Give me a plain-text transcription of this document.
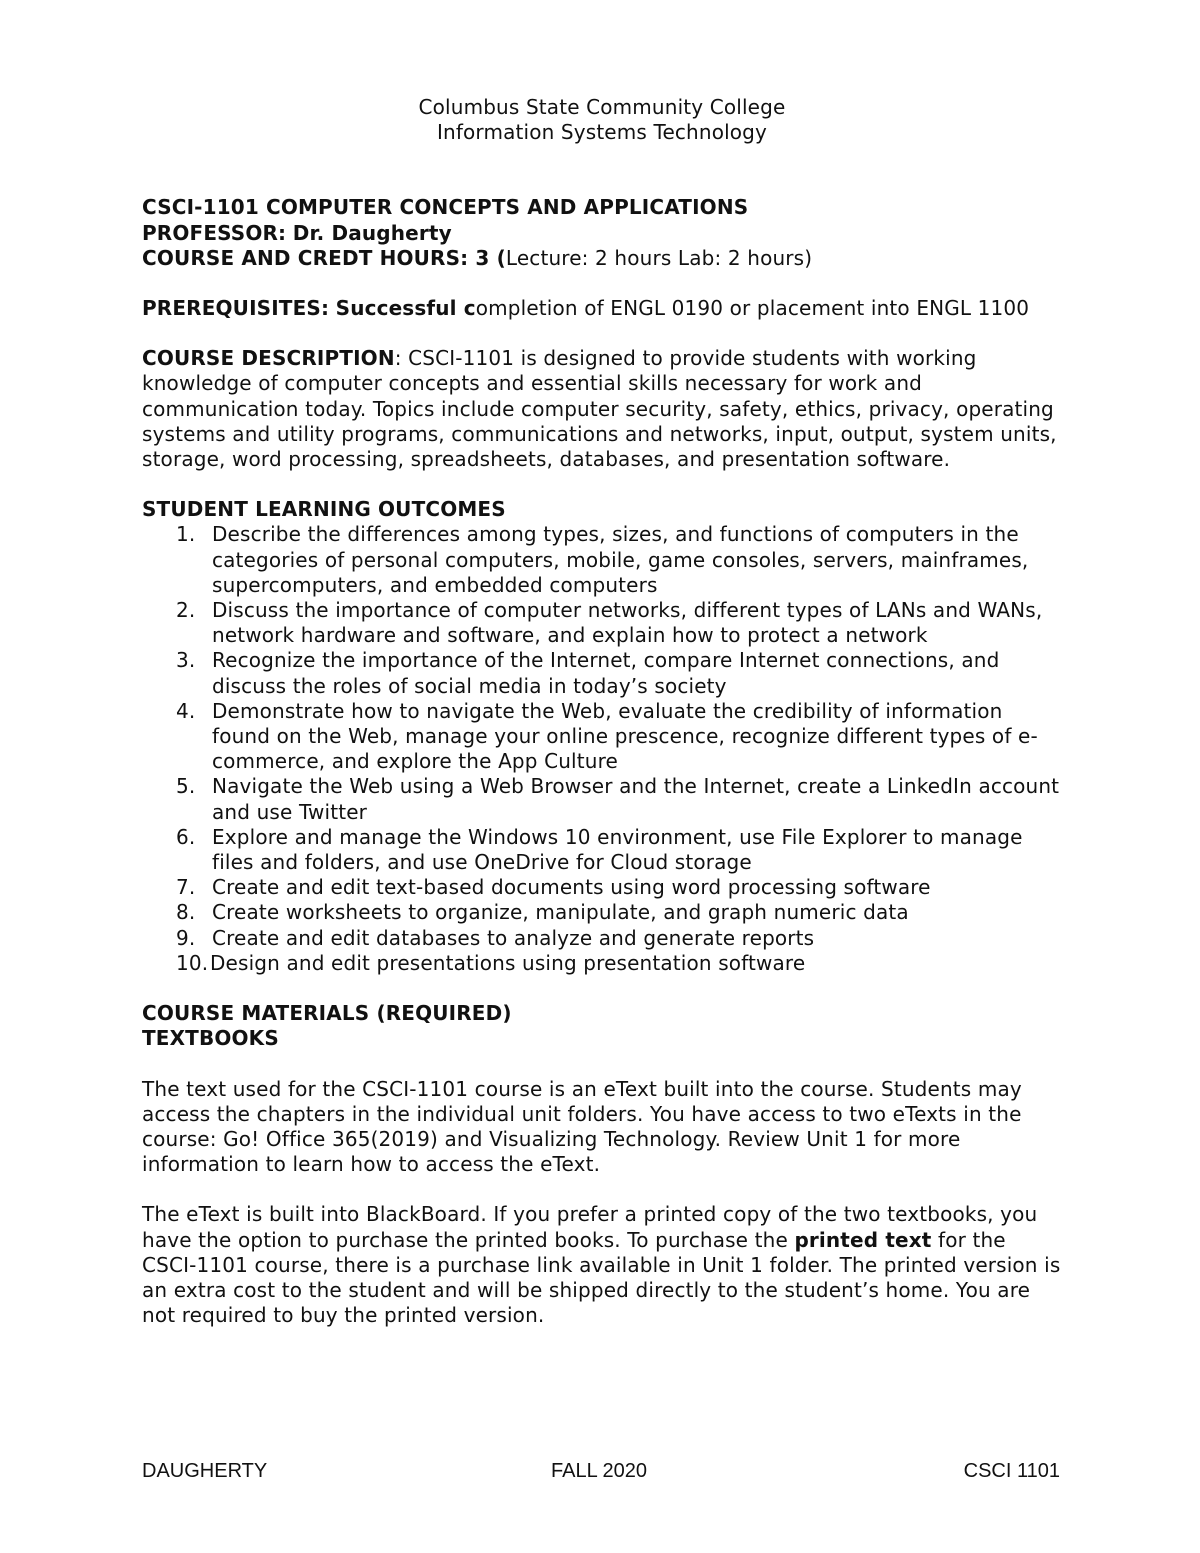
Columbus State Community College

Information Systems Technology

CSCI-1101 COMPUTER CONCEPTS AND APPLICATIONS

PROFESSOR: Dr. Daugherty

COURSE AND CREDT HOURS: 3 (Lecture: 2 hours Lab: 2 hours)

PREREQUISITES: Successful completion of ENGL 0190 or placement into ENGL 1100

COURSE DESCRIPTION: CSCI-1101 is designed to provide students with working knowledge of computer concepts and essential skills necessary for work and communication today. Topics include computer security, safety, ethics, privacy, operating systems and utility programs, communications and networks, input, output, system units, storage, word processing, spreadsheets, databases, and presentation software.

STUDENT LEARNING OUTCOMES

1. Describe the differences among types, sizes, and functions of computers in the categories of personal computers, mobile, game consoles, servers, mainframes, supercomputers, and embedded computers
2. Discuss the importance of computer networks, different types of LANs and WANs, network hardware and software, and explain how to protect a network
3. Recognize the importance of the Internet, compare Internet connections, and discuss the roles of social media in today’s society
4. Demonstrate how to navigate the Web, evaluate the credibility of information found on the Web, manage your online prescence, recognize different types of e-commerce, and explore the App Culture
5. Navigate the Web using a Web Browser and the Internet, create a LinkedIn account and use Twitter
6. Explore and manage the Windows 10 environment, use File Explorer to manage files and folders, and use OneDrive for Cloud storage
7. Create and edit text-based documents using word processing software
8. Create worksheets to organize, manipulate, and graph numeric data
9. Create and edit databases to analyze and generate reports
10. Design and edit presentations using presentation software

COURSE MATERIALS (REQUIRED)

TEXTBOOKS

The text used for the CSCI-1101 course is an eText built into the course. Students may access the chapters in the individual unit folders. You have access to two eTexts in the course: Go! Office 365(2019) and Visualizing Technology. Review Unit 1 for more information to learn how to access the eText.

The eText is built into BlackBoard. If you prefer a printed copy of the two textbooks, you have the option to purchase the printed books. To purchase the printed text for the CSCI-1101 course, there is a purchase link available in Unit 1 folder. The printed version is an extra cost to the student and will be shipped directly to the student’s home. You are not required to buy the printed version.

DAUGHERTY	FALL 2020	CSCI 1101
